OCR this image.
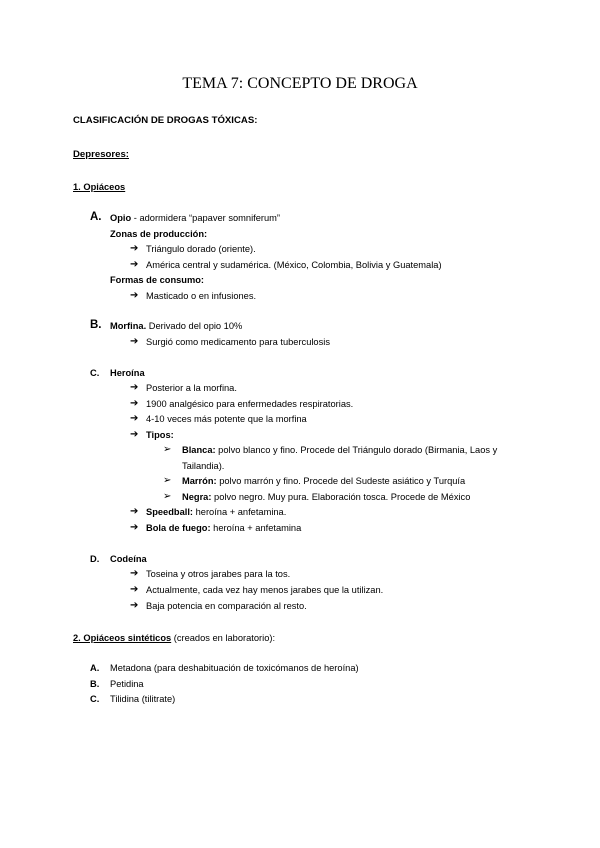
TEMA 7: CONCEPTO DE DROGA
CLASIFICACIÓN DE DROGAS TÓXICAS:
Depresores:
1. Opiáceos
A. Opio - adormidera “papaver somniferum”
Zonas de producción:
➔ Triángulo dorado (oriente).
➔ América central y sudamérica. (México, Colombia, Bolivia y Guatemala)
Formas de consumo:
➔ Masticado o en infusiones.
B. Morfina. Derivado del opio 10%
➔ Surgió como medicamento para tuberculosis
C. Heroína
➔ Posterior a la morfina.
➔ 1900 analgésico para enfermedades respiratorias.
➔ 4-10 veces más potente que la morfina
➔ Tipos:
➢ Blanca: polvo blanco y fino. Procede del Triángulo dorado (Birmania, Laos y
Tailandia).
➢ Marrón: polvo marrón y fino. Procede del Sudeste asiático y Turquía
➢ Negra: polvo negro. Muy pura. Elaboración tosca. Procede de México
➔ Speedball: heroína + anfetamina.
➔ Bola de fuego: heroína + anfetamina
D. Codeína
➔ Toseina y otros jarabes para la tos.
➔ Actualmente, cada vez hay menos jarabes que la utilizan.
➔ Baja potencia en comparación al resto.
2. Opiáceos sintéticos (creados en laboratorio):
A. Metadona (para deshabituación de toxicómanos de heroína)
B. Petidina
C. Tilidina (tilitrate)
